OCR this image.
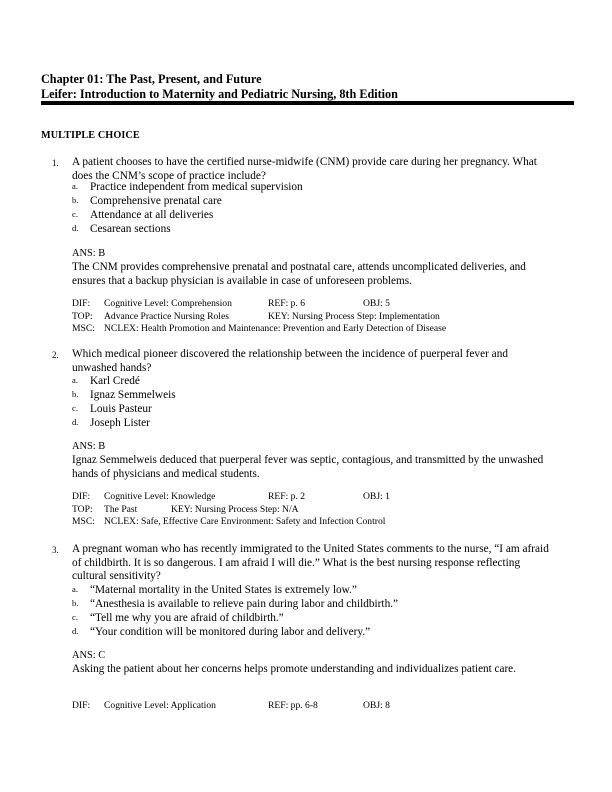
Chapter 01: The Past, Present, and Future
Leifer: Introduction to Maternity and Pediatric Nursing, 8th Edition
MULTIPLE CHOICE
1. A patient chooses to have the certified nurse-midwife (CNM) provide care during her pregnancy. What does the CNM’s scope of practice include?
a. Practice independent from medical supervision
b. Comprehensive prenatal care
c. Attendance at all deliveries
d. Cesarean sections
ANS: B
The CNM provides comprehensive prenatal and postnatal care, attends uncomplicated deliveries, and ensures that a backup physician is available in case of unforeseen problems.
DIF: Cognitive Level: Comprehension	REF: p. 6	OBJ: 5
TOP: Advance Practice Nursing Roles	KEY: Nursing Process Step: Implementation
MSC: NCLEX: Health Promotion and Maintenance: Prevention and Early Detection of Disease
2. Which medical pioneer discovered the relationship between the incidence of puerperal fever and unwashed hands?
a. Karl Credé
b. Ignaz Semmelweis
c. Louis Pasteur
d. Joseph Lister
ANS: B
Ignaz Semmelweis deduced that puerperal fever was septic, contagious, and transmitted by the unwashed hands of physicians and medical students.
DIF: Cognitive Level: Knowledge	REF: p. 2	OBJ: 1
TOP: The Past	KEY: Nursing Process Step: N/A
MSC: NCLEX: Safe, Effective Care Environment: Safety and Infection Control
3. A pregnant woman who has recently immigrated to the United States comments to the nurse, “I am afraid of childbirth. It is so dangerous. I am afraid I will die.” What is the best nursing response reflecting cultural sensitivity?
a. “Maternal mortality in the United States is extremely low.”
b. “Anesthesia is available to relieve pain during labor and childbirth.”
c. “Tell me why you are afraid of childbirth.”
d. “Your condition will be monitored during labor and delivery.”
ANS: C
Asking the patient about her concerns helps promote understanding and individualizes patient care.
DIF: Cognitive Level: Application	REF: pp. 6-8	OBJ: 8
